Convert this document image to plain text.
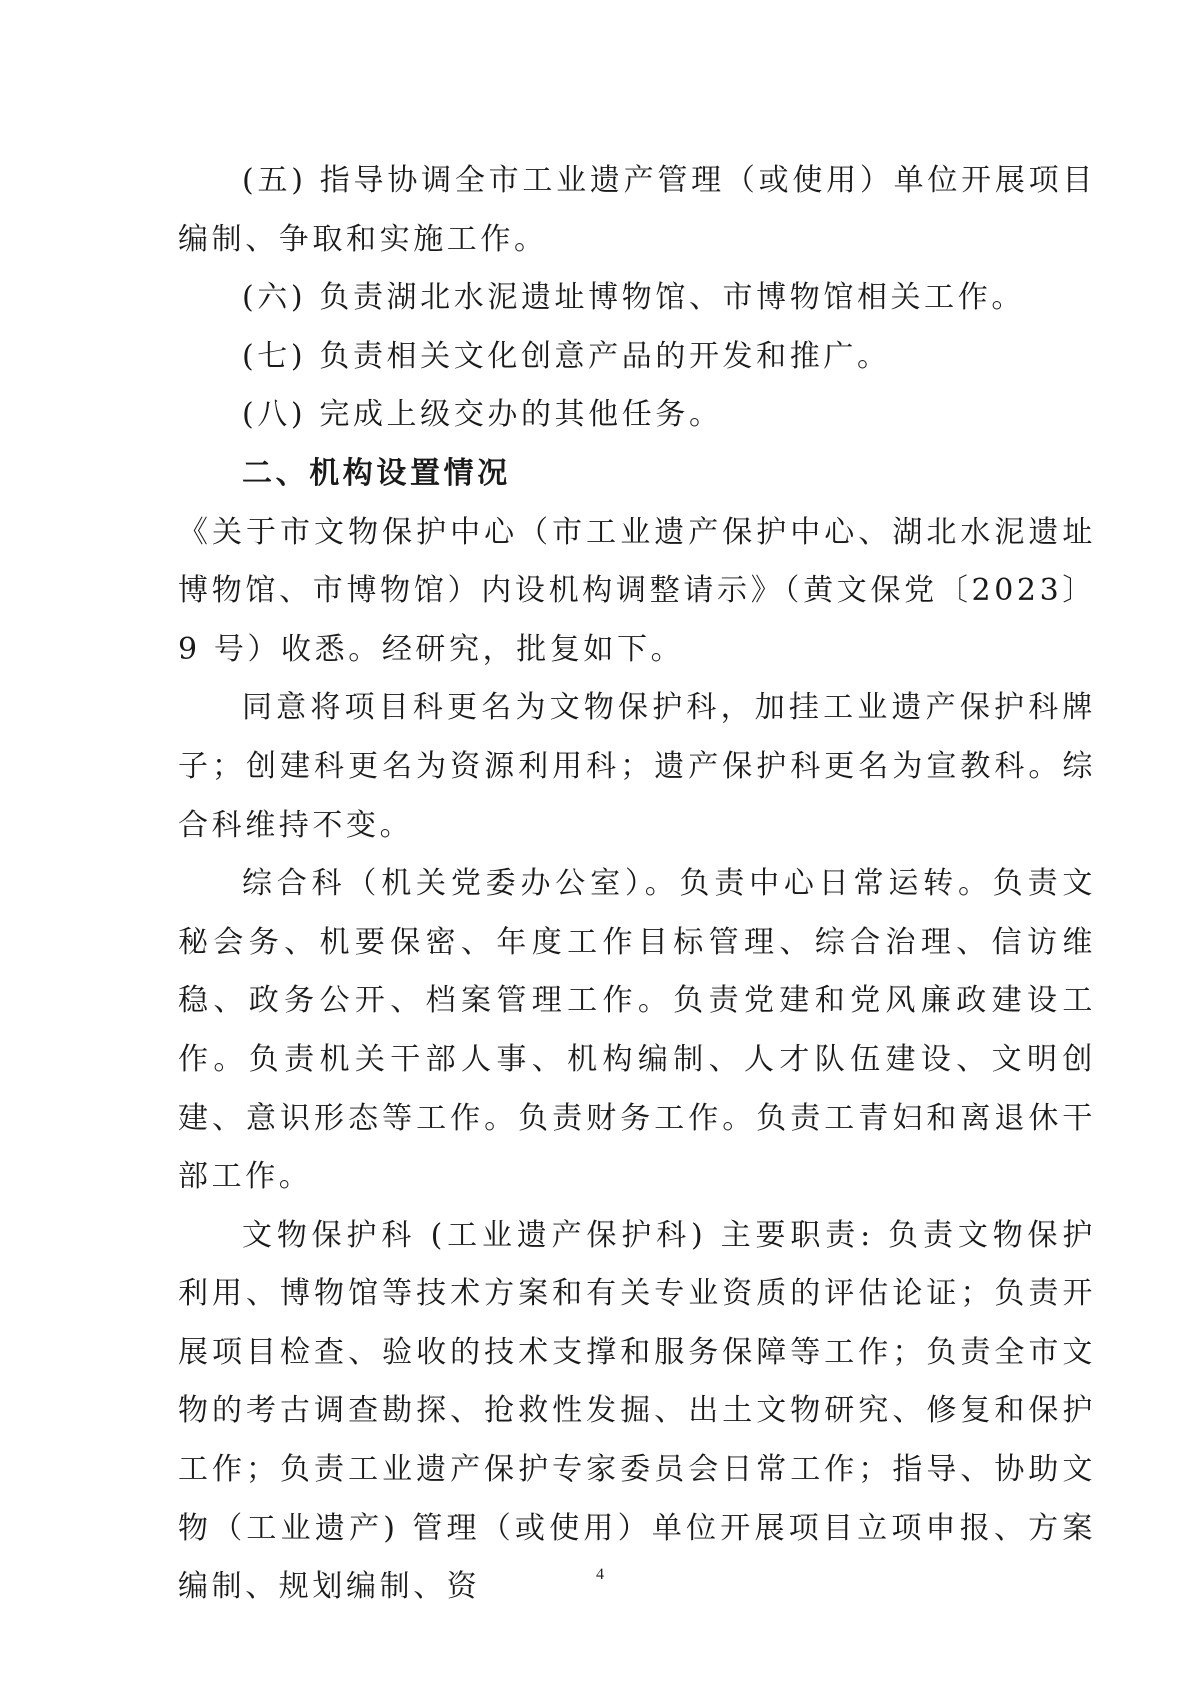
(五) 指导协调全市工业遗产管理（或使用）单位开展项目编制、争取和实施工作。

(六) 负责湖北水泥遗址博物馆、市博物馆相关工作。

(七) 负责相关文化创意产品的开发和推广。

(八) 完成上级交办的其他任务。

二、机构设置情况

《关于市文物保护中心（市工业遗产保护中心、湖北水泥遗址博物馆、市博物馆）内设机构调整请示》（黄文保党〔2023〕9 号）收悉。经研究，批复如下。

同意将项目科更名为文物保护科，加挂工业遗产保护科牌子；创建科更名为资源利用科；遗产保护科更名为宣教科。综合科维持不变。

综合科（机关党委办公室）。负责中心日常运转。负责文秘会务、机要保密、年度工作目标管理、综合治理、信访维稳、政务公开、档案管理工作。负责党建和党风廉政建设工作。负责机关干部人事、机构编制、人才队伍建设、文明创建、意识形态等工作。负责财务工作。负责工青妇和离退休干部工作。

文物保护科 (工业遗产保护科) 主要职责: 负责文物保护利用、博物馆等技术方案和有关专业资质的评估论证；负责开展项目检查、验收的技术支撑和服务保障等工作；负责全市文物的考古调查勘探、抢救性发掘、出土文物研究、修复和保护工作；负责工业遗产保护专家委员会日常工作；指导、协助文物（工业遗产) 管理（或使用）单位开展项目立项申报、方案编制、规划编制、资	4
